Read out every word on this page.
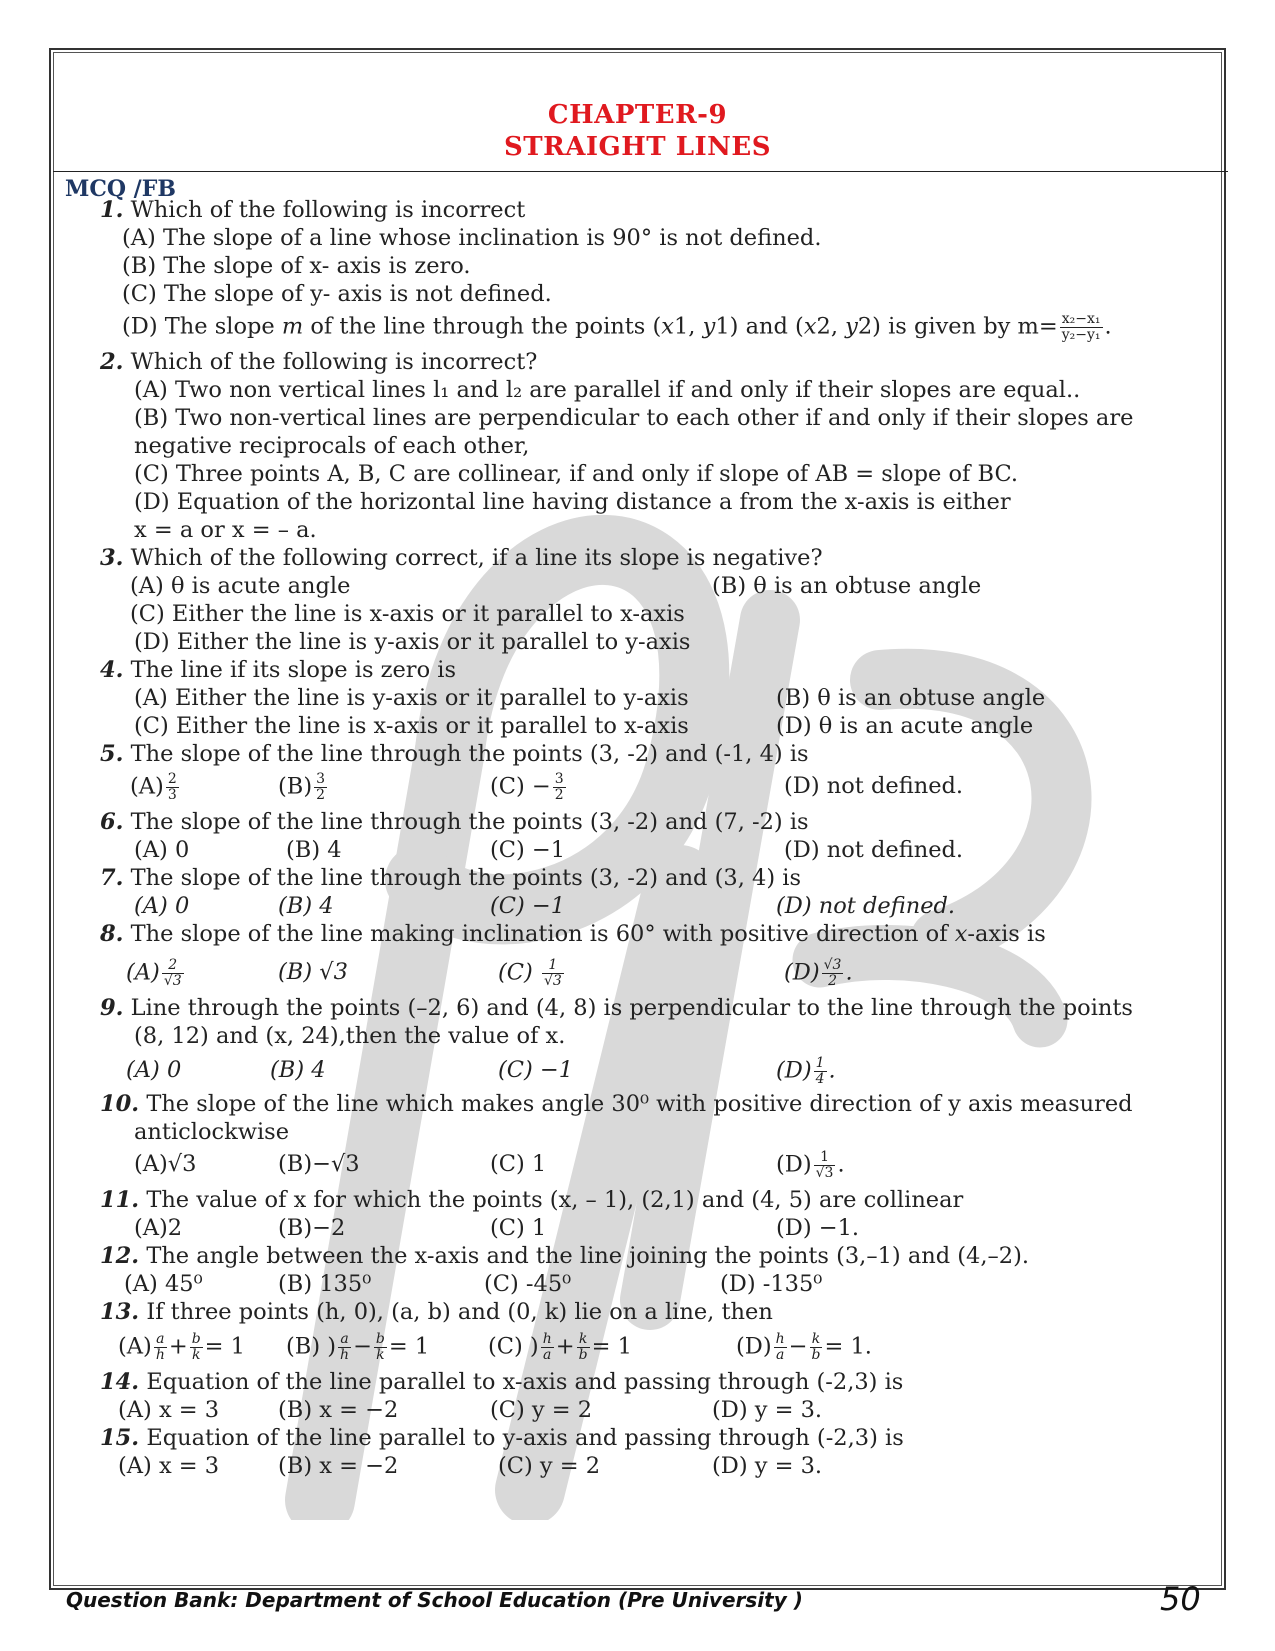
CHAPTER-9
STRAIGHT LINES
MCQ /FB
1. Which of the following is incorrect
(A) The slope of a line whose inclination is 90° is not defined.
(B) The slope of x- axis is zero.
(C) The slope of y- axis is not defined.
(D) The slope m of the line through the points (x1, y1) and (x2, y2) is given by $m= \frac{\text{x₂−x₁}}{\text{y₂−y₁}}$ .
2. Which of the following is incorrect?
(A) Two non vertical lines l₁ and l₂ are parallel if and only if their slopes are equal..
(B) Two non-vertical lines are perpendicular to each other if and only if their slopes are
negative reciprocals of each other,
(C) Three points A, B, C are collinear, if and only if slope of AB = slope of BC.
(D) Equation of the horizontal line having distance a from the x-axis is either
x = a or x = – a.
3. Which of the following correct, if a line its slope is negative?
(A) θ is acute angle	(B) θ is an obtuse angle
(C) Either the line is x-axis or it parallel to x-axis
(D) Either the line is y-axis or it parallel to y-axis
4. The line if its slope is zero is
(A) Either the line is y-axis or it parallel to y-axis	(B) θ is an obtuse angle
(C) Either the line is x-axis or it parallel to x-axis	(D) θ is an acute angle
5. The slope of the line through the points (3, -2) and (-1, 4) is
$(A) \frac{2}{3}$	$(B) \frac{3}{2}$	$(C) - \frac{3}{2}$	(D) not defined.
6. The slope of the line through the points (3, -2) and (7, -2) is
(A) 0	(B) 4	(C) −1	(D) not defined.
7. The slope of the line through the points (3, -2) and (3, 4) is
(A) 0	(B) 4	(C) −1	(D) not defined.
8. The slope of the line making inclination is 60° with positive direction of x-axis is
$(A) \frac{2}{√3}$	(B) √3	$(C) \frac{1}{√3}$	$(D) \frac{√3}{2}$ .
9. Line through the points (–2, 6) and (4, 8) is perpendicular to the line through the points
(8, 12) and (x, 24),then the value of x.
(A) 0	(B) 4	(C) −1	$(D) \frac{1}{4}$ .
10. The slope of the line which makes angle 30⁰ with positive direction of y axis measured
anticlockwise
(A)√3	(B)−√3	(C) 1	$(D) \frac{1}{√3}$ .
11. The value of x for which the points (x, – 1), (2,1) and (4, 5) are collinear
(A)2	(B)−2	(C) 1	(D) −1.
12. The angle between the x-axis and the line joining the points (3,–1) and (4,–2).
(A) 45⁰	(B) 135⁰	(C) -45⁰	(D) -135⁰
13. If three points (h, 0), (a, b) and (0, k) lie on a line, then
$(A) \frac{a}{h} + \frac{b}{k} = 1$ (B) ) $\frac{a}{h} - \frac{b}{k} = 1$	(C) ) $\frac{h}{a} + \frac{k}{b} = 1$	$(D) \frac{h}{a} - \frac{k}{b} = 1$.
14. Equation of the line parallel to x-axis and passing through (-2,3) is
(A) x = 3	(B) x = −2	(C) y = 2	(D) y = 3.
15. Equation of the line parallel to y-axis and passing through (-2,3) is
(A) x = 3	(B) x = −2	(C) y = 2	(D) y = 3.
Question Bank: Department of School Education (Pre University )	50
